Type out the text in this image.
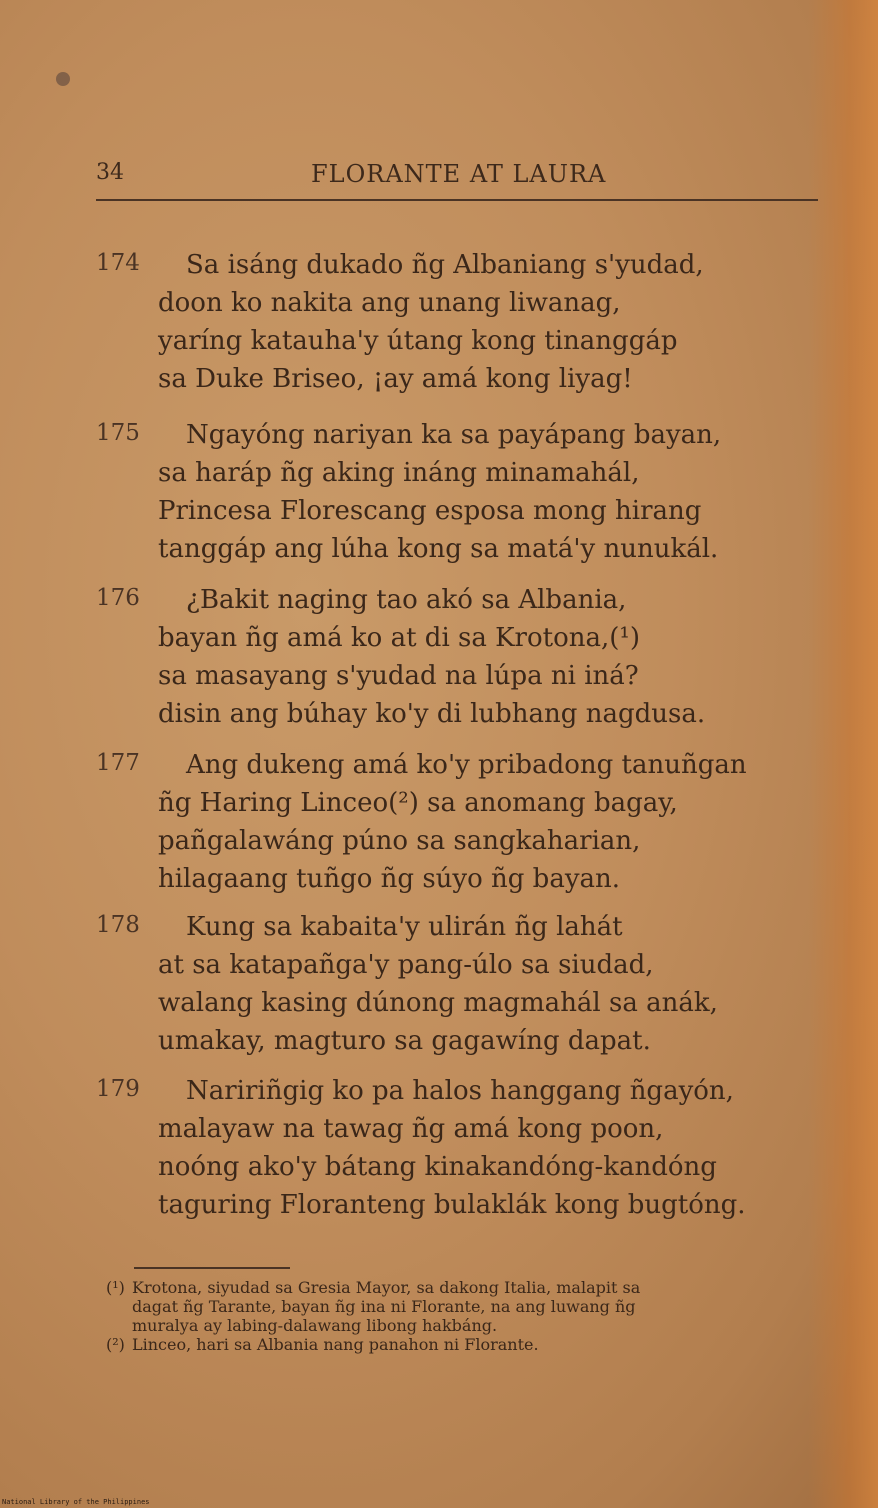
34	FLORANTE AT LAURA
174 Sa isáng dukado ñg Albaniang s'yudad,
doon ko nakita ang unang liwanag,
yaríng katauha'y útang kong tinanggáp
sa Duke Briseo, ¡ay amá kong liyag!
175 Ngayóng nariyan ka sa payápang bayan,
sa haráp ñg aking ináng minamahál,
Princesa Florescang esposa mong hirang
tanggáp ang lúha kong sa matá'y nunukál.
176 ¿Bakit naging tao akó sa Albania,
bayan ñg amá ko at di sa Krotona,(¹)
sa masayang s'yudad na lúpa ni iná?
disin ang búhay ko'y di lubhang nagdusa.
177 Ang dukeng amá ko'y pribadong tanuñgan
ñg Haring Linceo(²) sa anomang bagay,
pañgalawáng púno sa sangkaharian,
hilagaang tuñgo ñg súyo ñg bayan.
178 Kung sa kabaita'y ulirán ñg lahát
at sa katapañga'y pang-úlo sa siudad,
walang kasing dúnong magmahál sa anák,
umakay, magturo sa gagawíng dapat.
179 Naririñgig ko pa halos hanggang ñgayón,
malayaw na tawag ñg amá kong poon,
noóng ako'y bátang kinakandóng-kandóng
taguring Floranteng bulaklák kong bugtóng.
(¹) Krotona, siyudad sa Gresia Mayor, sa dakong Italia, malapit sa
dagat ñg Tarante, bayan ñg ina ni Florante, na ang luwang ñg
muralya ay labing-dalawang libong hakbáng.
(²) Linceo, hari sa Albania nang panahon ni Florante.
National Library of the Philippines
